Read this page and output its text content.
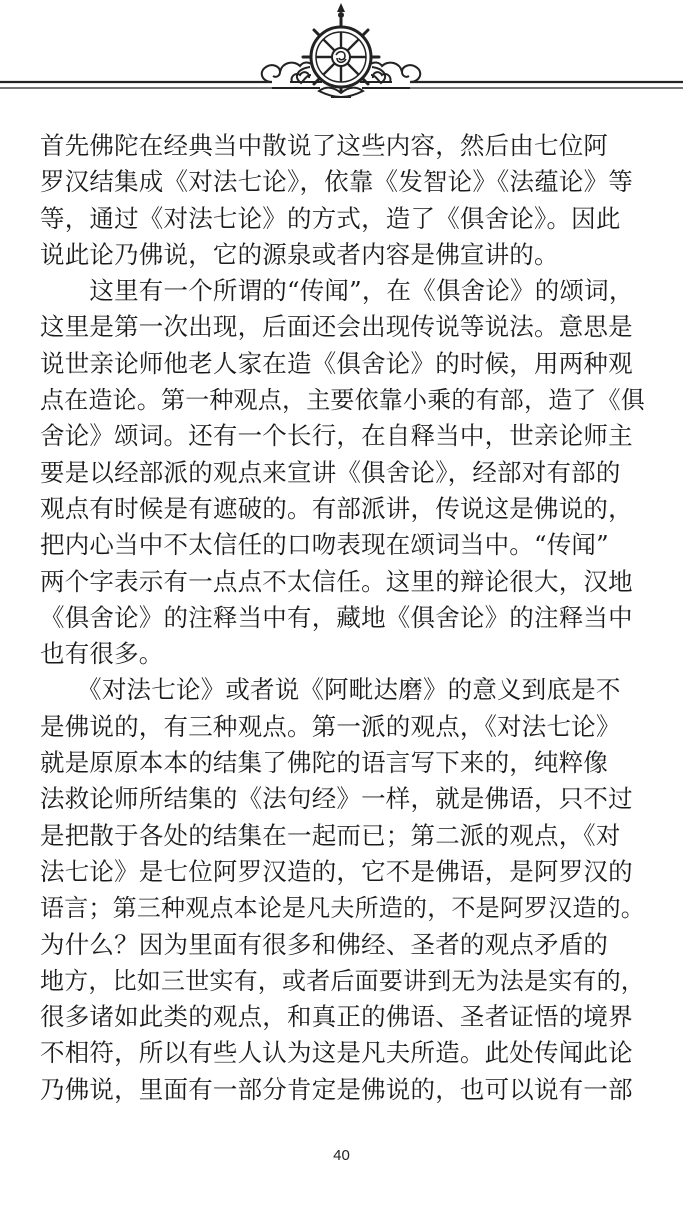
首先佛陀在经典当中散说了这些内容，然后由七位阿
罗汉结集成《对法七论》，依靠《发智论》《法蕴论》等
等，通过《对法七论》的方式，造了《俱舍论》。因此
说此论乃佛说，它的源泉或者内容是佛宣讲的。
　　这里有一个所谓的“传闻”，在《俱舍论》的颂词，
这里是第一次出现，后面还会出现传说等说法。意思是
说世亲论师他老人家在造《俱舍论》的时候，用两种观
点在造论。第一种观点，主要依靠小乘的有部，造了《俱
舍论》颂词。还有一个长行，在自释当中，世亲论师主
要是以经部派的观点来宣讲《俱舍论》，经部对有部的
观点有时候是有遮破的。有部派讲，传说这是佛说的，
把内心当中不太信任的口吻表现在颂词当中。“传闻”
两个字表示有一点点不太信任。这里的辩论很大，汉地
《俱舍论》的注释当中有，藏地《俱舍论》的注释当中
也有很多。
　　《对法七论》或者说《阿毗达磨》的意义到底是不
是佛说的，有三种观点。第一派的观点，《对法七论》
就是原原本本的结集了佛陀的语言写下来的，纯粹像
法救论师所结集的《法句经》一样，就是佛语，只不过
是把散于各处的结集在一起而已；第二派的观点，《对
法七论》是七位阿罗汉造的，它不是佛语，是阿罗汉的
语言；第三种观点本论是凡夫所造的，不是阿罗汉造的。
为什么？因为里面有很多和佛经、圣者的观点矛盾的
地方，比如三世实有，或者后面要讲到无为法是实有的，
很多诸如此类的观点，和真正的佛语、圣者证悟的境界
不相符，所以有些人认为这是凡夫所造。此处传闻此论
乃佛说，里面有一部分肯定是佛说的，也可以说有一部
40
